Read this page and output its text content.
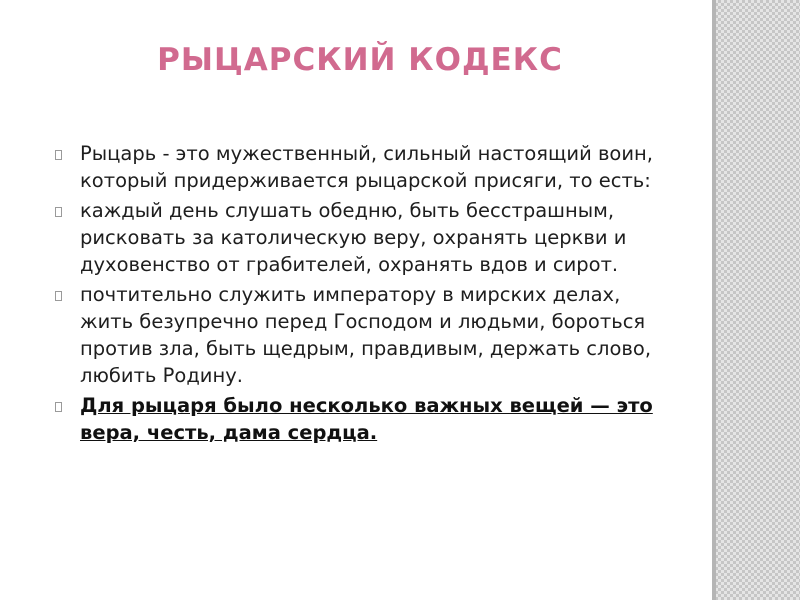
РЫЦАРСКИЙ КОДЕКС
Рыцарь - это мужественный, сильный настоящий воин, который придерживается рыцарской присяги, то есть:
каждый день слушать обедню, быть бесстрашным, рисковать за католическую веру, охранять церкви и духовенство от грабителей, охранять вдов и сирот.
почтительно служить императору в мирских делах, жить безупречно перед Господом и людьми, бороться против зла, быть щедрым, правдивым, держать слово, любить Родину.
Для рыцаря было несколько важных вещей — это вера, честь, дама сердца.
